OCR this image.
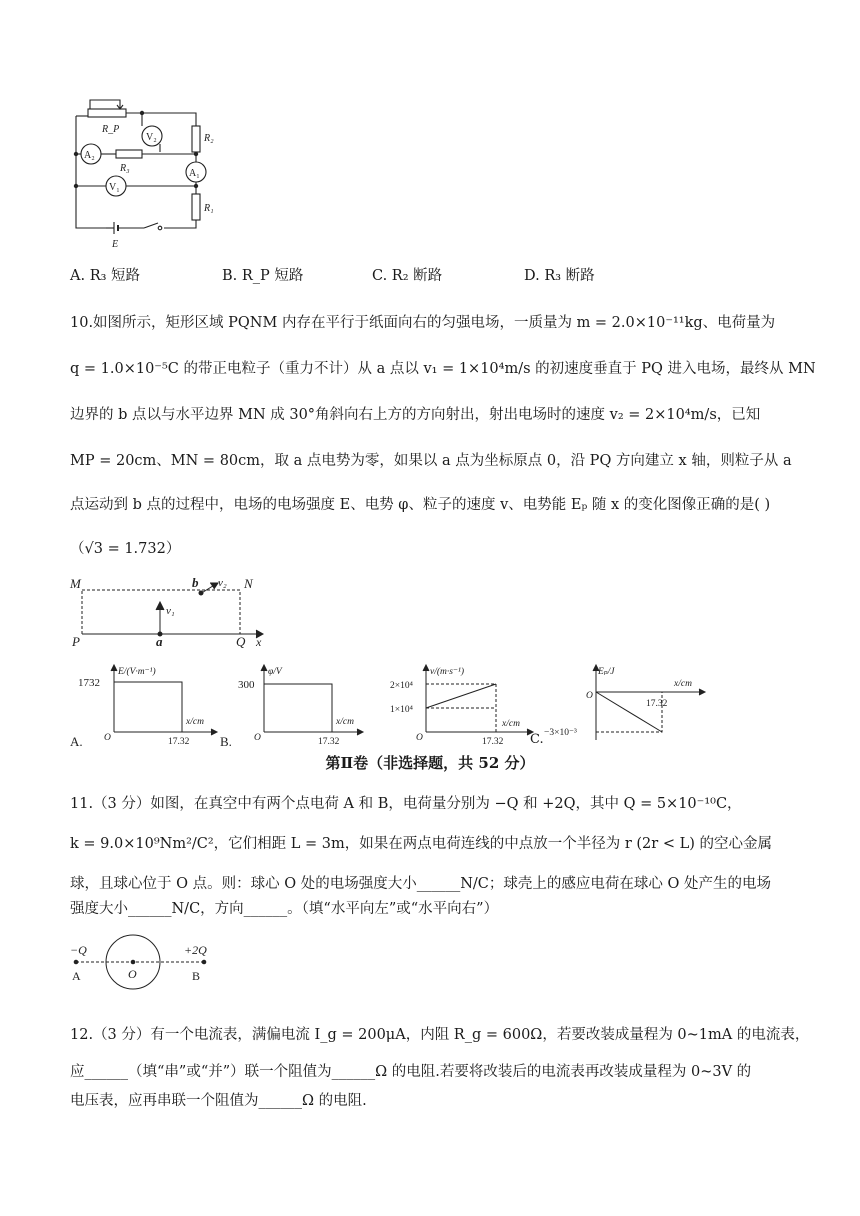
R_P
V₂	R₂
A₂
R₃	A₁
V₁
R₁
E
A. R₃ 短路	B. R_P 短路	C. R₂ 断路	D. R₃ 断路
10.如图所示，矩形区域 PQNM 内存在平行于纸面向右的匀强电场，一质量为 m = 2.0×10⁻¹¹kg、电荷量为
q = 1.0×10⁻⁵C 的带正电粒子（重力不计）从 a 点以 v₁ = 1×10⁴m/s 的初速度垂直于 PQ 进入电场，最终从 MN
边界的 b 点以与水平边界 MN 成 30°角斜向右上方的方向射出，射出电场时的速度 v₂ = 2×10⁴m/s，已知
MP = 20cm、MN = 80cm，取 a 点电势为零，如果以 a 点为坐标原点 0，沿 PQ 方向建立 x 轴，则粒子从 a
点运动到 b 点的过程中，电场的电场强度 E、电势 φ、粒子的速度 v、电势能 Eₚ 随 x 的变化图像正确的是( )
（√3 = 1.732）
M	N
P	Q
a
b
v₁
v₂
x
E/(V·m⁻¹)
1732
x/cm
O	17.32
A.
φ/V
300
x/cm
O	17.32
B.
v/(m·s⁻¹)
2×10⁴
1×10⁴
x/cm
O	17.32 C.
Eₚ/J
x/cm
O
17.32
−3×10⁻³
第Ⅱ卷（非选择题，共 52 分）
11.（3 分）如图，在真空中有两个点电荷 A 和 B，电荷量分别为 −Q 和 +2Q，其中 Q = 5×10⁻¹⁰C，
k = 9.0×10⁹Nm²/C²，它们相距 L = 3m，如果在两点电荷连线的中点放一个半径为 r (2r < L) 的空心金属
球，且球心位于 O 点。则：球心 O 处的电场强度大小______N/C；球壳上的感应电荷在球心 O 处产生的电场
强度大小______N/C，方向______。（填“水平向左”或“水平向右”）
−Q	+2Q
A	O	B
12.（3 分）有一个电流表，满偏电流 I_g = 200μA，内阻 R_g = 600Ω，若要改装成量程为 0~1mA 的电流表，
应______（填“串”或“并”）联一个阻值为______Ω 的电阻.若要将改装后的电流表再改装成量程为 0~3V 的
电压表，应再串联一个阻值为______Ω 的电阻.
